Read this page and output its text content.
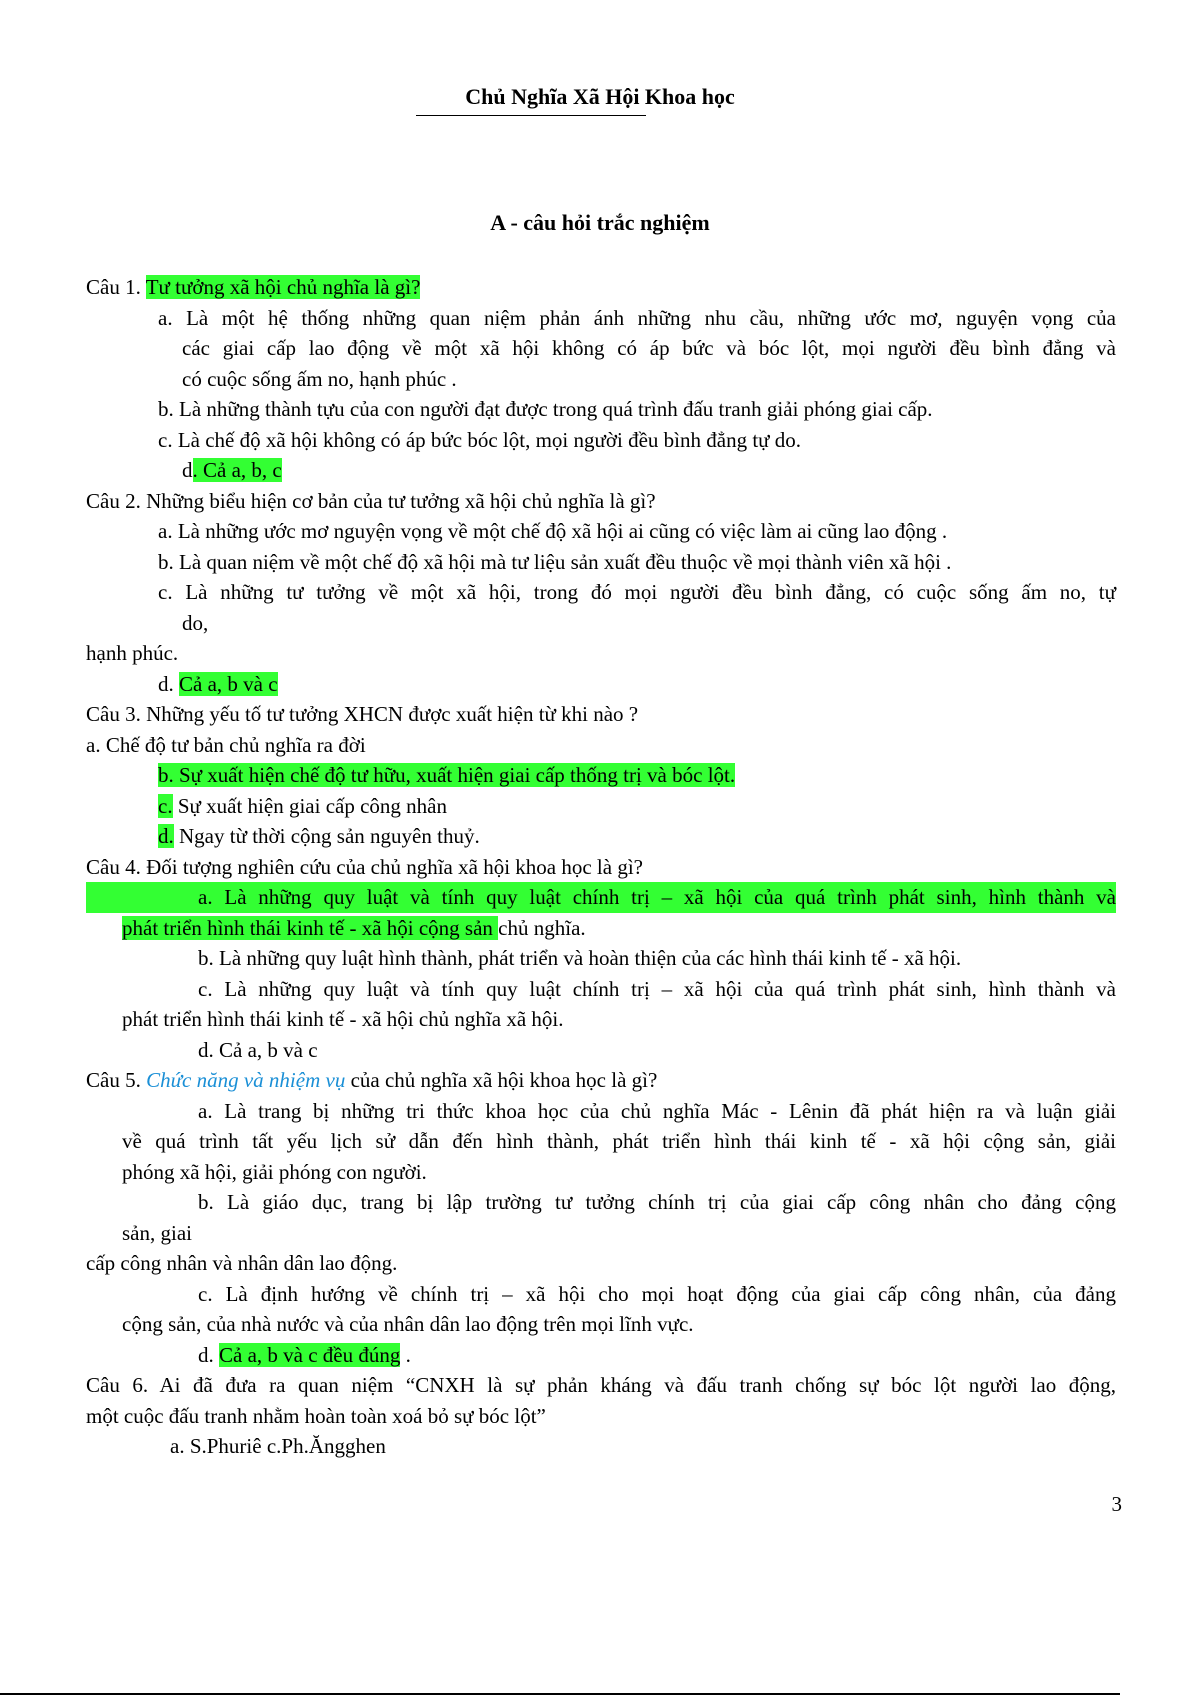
Chủ Nghĩa Xã Hội Khoa học
A - câu hỏi trắc nghiệm
Câu 1. Tư tưởng xã hội chủ nghĩa là gì?
a. Là một hệ thống những quan niệm phản ánh những nhu cầu, những ước mơ, nguyện vọng của
các giai cấp lao động về một xã hội không có áp bức và bóc lột, mọi người đều bình đẳng và
có cuộc sống ấm no, hạnh phúc .
b. Là những thành tựu của con người đạt được trong quá trình đấu tranh giải phóng giai cấp.
c. Là chế độ xã hội không có áp bức bóc lột, mọi người đều bình đẳng tự do.
d. Cả a, b, c
Câu 2. Những biểu hiện cơ bản của tư tưởng xã hội chủ nghĩa là gì?
a. Là những ước mơ nguyện vọng về một chế độ xã hội ai cũng có việc làm ai cũng lao động .
b. Là quan niệm về một chế độ xã hội mà tư liệu sản xuất đều thuộc về mọi thành viên xã hội .
c. Là những tư tưởng về một xã hội, trong đó mọi người đều bình đẳng, có cuộc sống ấm no, tự
do,
hạnh phúc.
d. Cả a, b và c
Câu 3. Những yếu tố tư tưởng XHCN được xuất hiện từ khi nào ?
a. Chế độ tư bản chủ nghĩa ra đời
b. Sự xuất hiện chế độ tư hữu, xuất hiện giai cấp thống trị và bóc lột.
c. Sự xuất hiện giai cấp công nhân
d. Ngay từ thời cộng sản nguyên thuỷ.
Câu 4. Đối tượng nghiên cứu của chủ nghĩa xã hội khoa học là gì?
a. Là những quy luật và tính quy luật chính trị – xã hội của quá trình phát sinh, hình thành và
phát triển hình thái kinh tế - xã hội cộng sản chủ nghĩa.
b. Là những quy luật hình thành, phát triển và hoàn thiện của các hình thái kinh tế - xã hội.
c. Là những quy luật và tính quy luật chính trị – xã hội của quá trình phát sinh, hình thành và
phát triển hình thái kinh tế - xã hội chủ nghĩa xã hội.
d. Cả a, b và c
Câu 5. Chức năng và nhiệm vụ của chủ nghĩa xã hội khoa học là gì?
a. Là trang bị những tri thức khoa học của chủ nghĩa Mác - Lênin đã phát hiện ra và luận giải
về quá trình tất yếu lịch sử dẫn đến hình thành, phát triển hình thái kinh tế - xã hội cộng sản, giải
phóng xã hội, giải phóng con người.
b. Là giáo dục, trang bị lập trường tư tưởng chính trị của giai cấp công nhân cho đảng cộng
sản, giai
cấp công nhân và nhân dân lao động.
c. Là định hướng về chính trị – xã hội cho mọi hoạt động của giai cấp công nhân, của đảng
cộng sản, của nhà nước và của nhân dân lao động trên mọi lĩnh vực.
d. Cả a, b và c đều đúng .
Câu 6. Ai đã đưa ra quan niệm “CNXH là sự phản kháng và đấu tranh chống sự bóc lột người lao động,
một cuộc đấu tranh nhằm hoàn toàn xoá bỏ sự bóc lột”
a. S.Phuriê c.Ph.Ăngghen
3
